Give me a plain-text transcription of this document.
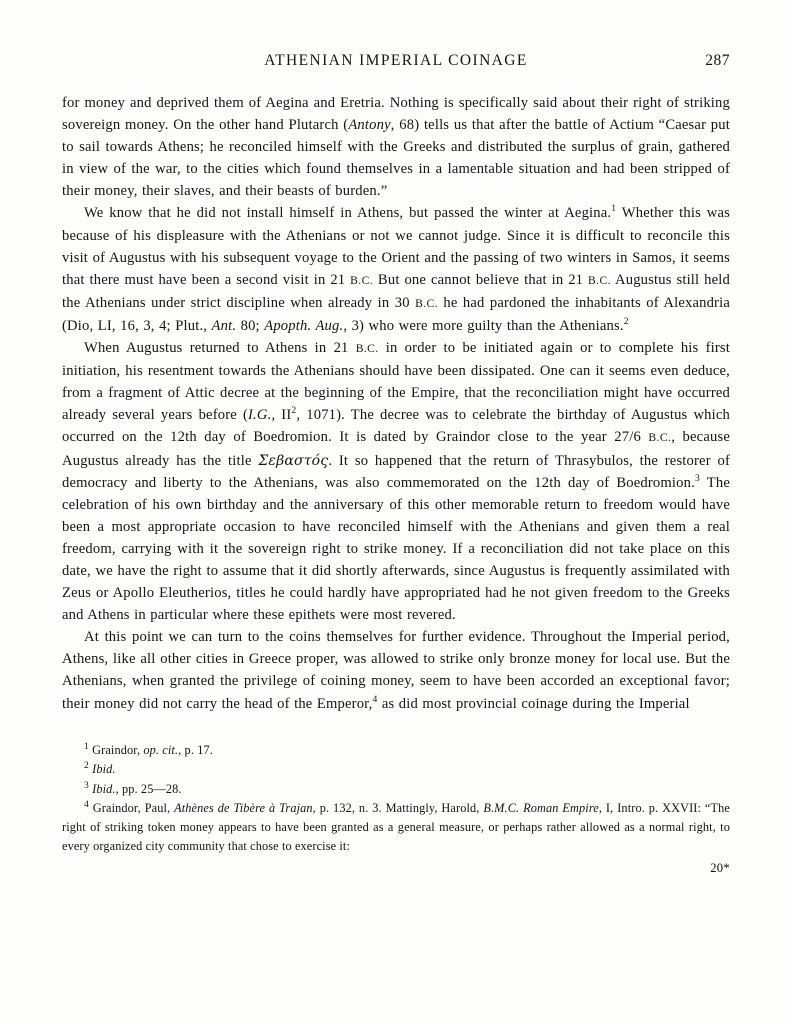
ATHENIAN IMPERIAL COINAGE	287

for money and deprived them of Aegina and Eretria. Nothing is specifically said about their right of striking sovereign money. On the other hand Plutarch (Antony, 68) tells us that after the battle of Actium “Caesar put to sail towards Athens; he reconciled himself with the Greeks and distributed the surplus of grain, gathered in view of the war, to the cities which found themselves in a lamentable situation and had been stripped of their money, their slaves, and their beasts of burden.”

We know that he did not install himself in Athens, but passed the winter at Aegina.$^1$ Whether this was because of his displeasure with the Athenians or not we cannot judge. Since it is difficult to reconcile this visit of Augustus with his subsequent voyage to the Orient and the passing of two winters in Samos, it seems that there must have been a second visit in 21 B.C. But one cannot believe that in 21 B.C. Augustus still held the Athenians under strict discipline when already in 30 B.C. he had pardoned the inhabitants of Alexandria (Dio, LI, 16, 3, 4; Plut., Ant. 80; Apopth. Aug., 3) who were more guilty than the Athenians.$^2$

When Augustus returned to Athens in 21 B.C. in order to be initiated again or to complete his first initiation, his resentment towards the Athenians should have been dissipated. One can it seems even deduce, from a fragment of Attic decree at the beginning of the Empire, that the reconciliation might have occurred already several years before (I.G., $II^2$, 1071). The decree was to celebrate the birthday of Augustus which occurred on the 12th day of Boedromion. It is dated by Graindor close to the year 27/6 B.C., because Augustus already has the title Σεβαστóς. It so happened that the return of Thrasybulos, the restorer of democracy and liberty to the Athenians, was also commemorated on the 12th day of Boedromion.$^3$ The celebration of his own birthday and the anniversary of this other memorable return to freedom would have been a most appropriate occasion to have reconciled himself with the Athenians and given them a real freedom, carrying with it the sovereign right to strike money. If a reconciliation did not take place on this date, we have the right to assume that it did shortly afterwards, since Augustus is frequently assimilated with Zeus or Apollo Eleutherios, titles he could hardly have appropriated had he not given freedom to the Greeks and Athens in particular where these epithets were most revered.

At this point we can turn to the coins themselves for further evidence. Throughout the Imperial period, Athens, like all other cities in Greece proper, was allowed to strike only bronze money for local use. But the Athenians, when granted the privilege of coining money, seem to have been accorded an exceptional favor; their money did not carry the head of the Emperor,$^4$ as did most provincial coinage during the Imperial

$^1$ Graindor, op. cit., p. 17.

$^2$ Ibid.

$^3$ Ibid., pp. 25—28.

$^4$ Graindor, Paul, Athènes de Tibère à Trajan, p. 132, n. 3. Mattingly, Harold, B.M.C. Roman Empire, I, Intro. p. XXVII: “The right of striking token money appears to have been granted as a general measure, or perhaps rather allowed as a normal right, to every organized city community that chose to exercise it:

20*
